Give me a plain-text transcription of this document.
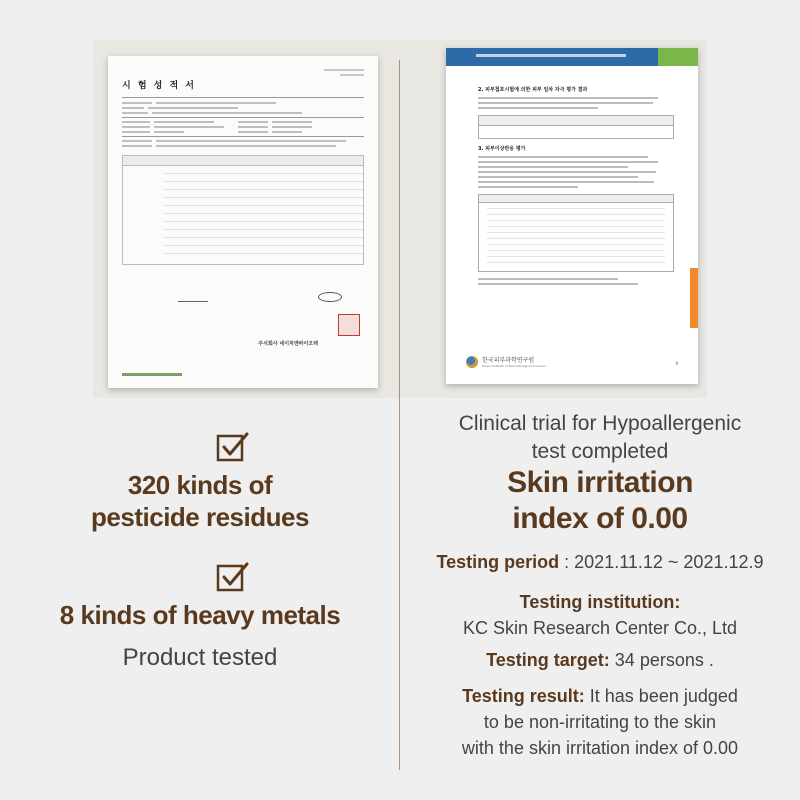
시 험 성 적 서
주식회사 네이처앤바이오텍
2. 피부첩포시험에 의한 피부 일차 자극 평가 결과
3. 피부이상반응 평가
한국피부과학연구원
Korea Institute of Dermatological Sciences	9
320 kinds of
pesticide residues
8 kinds of heavy metals
Product tested
Clinical trial for Hypoallergenic
test completed
Skin irritation
index of 0.00
Testing period : 2021.11.12 ~ 2021.12.9
Testing institution:
KC Skin Research Center Co., Ltd
Testing target: 34 persons .
Testing result: It has been judged
to be non-irritating to the skin
with the skin irritation index of 0.00
